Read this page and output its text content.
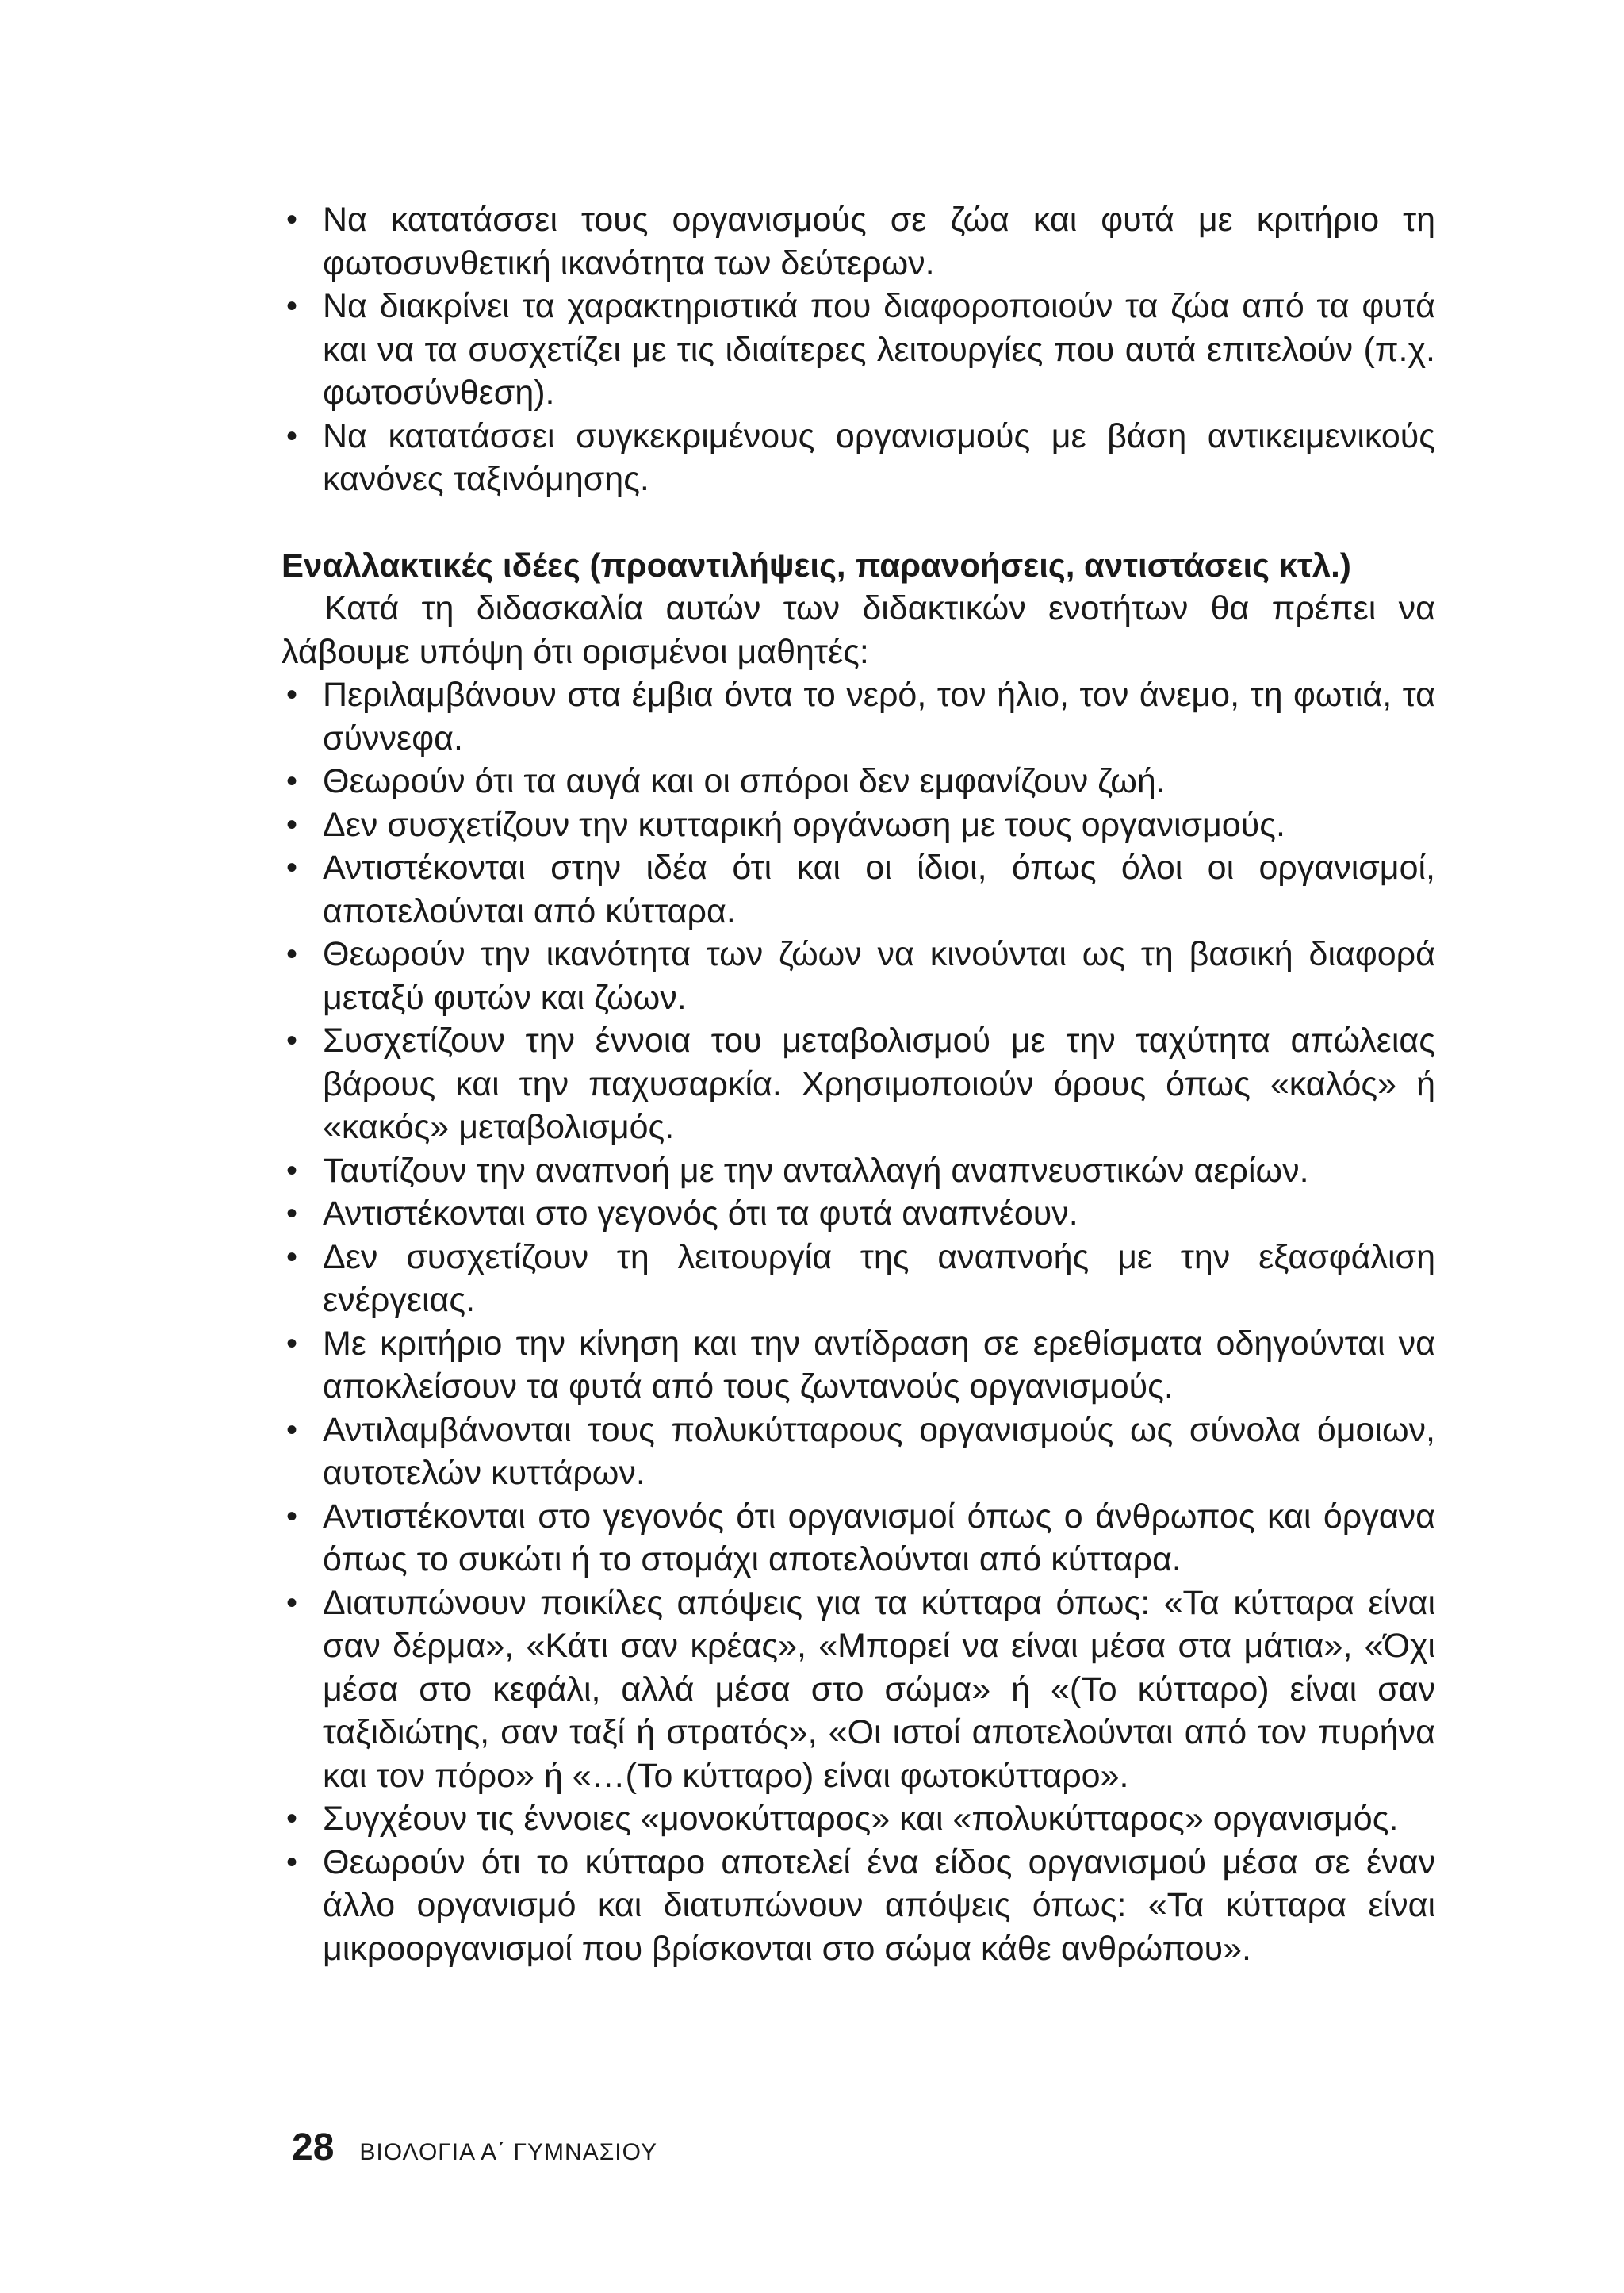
• Να κατατάσσει τους οργανισμούς σε ζώα και φυτά με κριτήριο τη φωτοσυνθετική ικανότητα των δεύτερων.
• Να διακρίνει τα χαρακτηριστικά που διαφοροποιούν τα ζώα από τα φυτά και να τα συσχετίζει με τις ιδιαίτερες λειτουργίες που αυτά επιτελούν (π.χ. φωτοσύνθεση).
• Να κατατάσσει συγκεκριμένους οργανισμούς με βάση αντικειμενικούς κανόνες ταξινόμησης.
Εναλλακτικές ιδέες (προαντιλήψεις, παρανοήσεις, αντιστάσεις κτλ.)

Κατά τη διδασκαλία αυτών των διδακτικών ενοτήτων θα πρέπει να λάβουμε υπόψη ότι ορισμένοι μαθητές:

• Περιλαμβάνουν στα έμβια όντα το νερό, τον ήλιο, τον άνεμο, τη φωτιά, τα σύννεφα.
• Θεωρούν ότι τα αυγά και οι σπόροι δεν εμφανίζουν ζωή.
• Δεν συσχετίζουν την κυτταρική οργάνωση με τους οργανισμούς.
• Αντιστέκονται στην ιδέα ότι και οι ίδιοι, όπως όλοι οι οργανισμοί, αποτελούνται από κύτταρα.
• Θεωρούν την ικανότητα των ζώων να κινούνται ως τη βασική διαφορά μεταξύ φυτών και ζώων.
• Συσχετίζουν την έννοια του μεταβολισμού με την ταχύτητα απώλειας βάρους και την παχυσαρκία. Χρησιμοποιούν όρους όπως «καλός» ή «κακός» μεταβολισμός.
• Ταυτίζουν την αναπνοή με την ανταλλαγή αναπνευστικών αερίων.
• Αντιστέκονται στο γεγονός ότι τα φυτά αναπνέουν.
• Δεν συσχετίζουν τη λειτουργία της αναπνοής με την εξασφάλιση ενέργειας.
• Με κριτήριο την κίνηση και την αντίδραση σε ερεθίσματα οδηγούνται να αποκλείσουν τα φυτά από τους ζωντανούς οργανισμούς.
• Αντιλαμβάνονται τους πολυκύτταρους οργανισμούς ως σύνολα όμοιων, αυτοτελών κυττάρων.
• Αντιστέκονται στο γεγονός ότι οργανισμοί όπως ο άνθρωπος και όργανα όπως το συκώτι ή το στομάχι αποτελούνται από κύτταρα.
• Διατυπώνουν ποικίλες απόψεις για τα κύτταρα όπως: «Τα κύτταρα είναι σαν δέρμα», «Κάτι σαν κρέας», «Μπορεί να είναι μέσα στα μάτια», «Όχι μέσα στο κεφάλι, αλλά μέσα στο σώμα» ή «(Το κύτταρο) είναι σαν ταξιδιώτης, σαν ταξί ή στρατός», «Οι ιστοί αποτελούνται από τον πυρήνα και τον πόρο» ή «…(Το κύτταρο) είναι φωτοκύτταρο».
• Συγχέουν τις έννοιες «μονοκύτταρος» και «πολυκύτταρος» οργανισμός.
• Θεωρούν ότι το κύτταρο αποτελεί ένα είδος οργανισμού μέσα σε έναν άλλο οργανισμό και διατυπώνουν απόψεις όπως: «Τα κύτταρα είναι μικροοργανισμοί που βρίσκονται στο σώμα κάθε ανθρώπου».
28 ΒΙΟΛΟΓΙΑ Α΄ ΓΥΜΝΑΣΙΟΥ
